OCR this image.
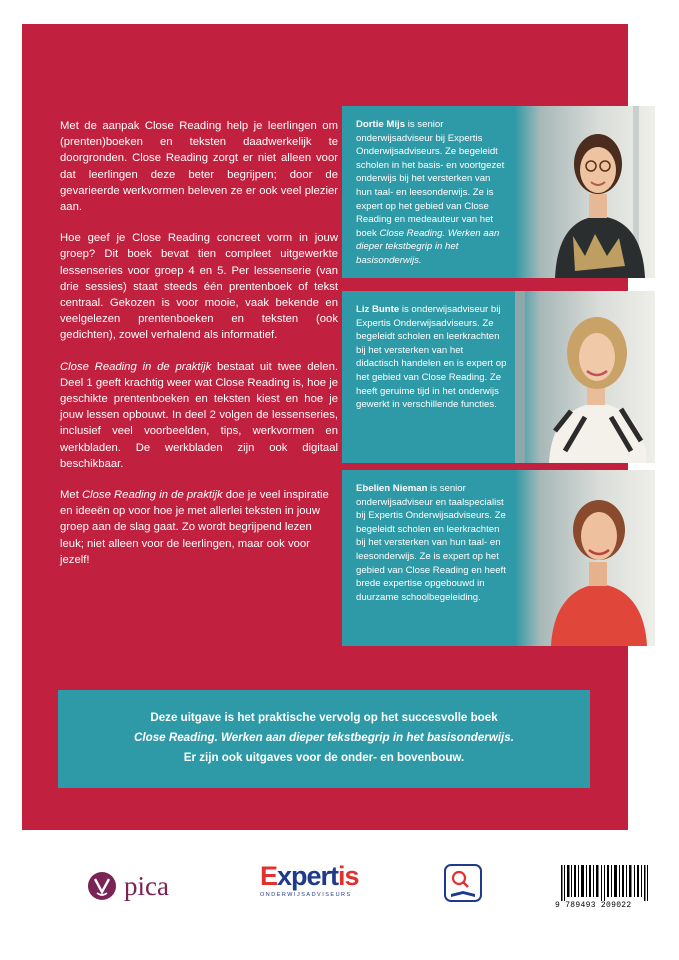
Met de aanpak Close Reading help je leerlingen om (prenten)boeken en teksten daadwerkelijk te doorgronden. Close Reading zorgt er niet alleen voor dat leerlingen deze beter begrijpen; door de gevarieerde werkvormen beleven ze er ook veel plezier aan.

Hoe geef je Close Reading concreet vorm in jouw groep? Dit boek bevat tien compleet uitgewerkte lessenseries voor groep 4 en 5. Per lessenserie (van drie sessies) staat steeds één prentenboek of tekst centraal. Gekozen is voor mooie, vaak bekende en veelgelezen prentenboeken en teksten (ook gedichten), zowel verhalend als informatief.

Close Reading in de praktijk bestaat uit twee delen. Deel 1 geeft krachtig weer wat Close Reading is, hoe je geschikte prentenboeken en teksten kiest en hoe je jouw lessen opbouwt. In deel 2 volgen de lessenseries, inclusief veel voorbeelden, tips, werkvormen en werkbladen. De werkbladen zijn ook digitaal beschikbaar.

Met Close Reading in de praktijk doe je veel inspiratie en ideeën op voor hoe je met allerlei teksten in jouw groep aan de slag gaat. Zo wordt begrijpend lezen leuk; niet alleen voor de leerlingen, maar ook voor jezelf!

Dortie Mijs is senior onderwijsadviseur bij Expertis Onderwijsadviseurs. Ze begeleidt scholen in het basis- en voortgezet onderwijs bij het versterken van hun taal- en leesonderwijs. Ze is expert op het gebied van Close Reading en medeauteur van het boek Close Reading. Werken aan dieper tekstbegrip in het basisonderwijs.
Liz Bunte is onderwijsadviseur bij Expertis Onderwijsadviseurs. Ze begeleidt scholen en leerkrachten bij het versterken van het didactisch handelen en is expert op het gebied van Close Reading. Ze heeft geruime tijd in het onderwijs gewerkt in verschillende functies.
Ebelien Nieman is senior onderwijsadviseur en taalspecialist bij Expertis Onderwijsadviseurs. Ze begeleidt scholen en leerkrachten bij het versterken van hun taal- en leesonderwijs. Ze is expert op het gebied van Close Reading en heeft brede expertise opgebouwd in duurzame schoolbegeleiding.
Deze uitgave is het praktische vervolg op het succesvolle boek
Close Reading. Werken aan dieper tekstbegrip in het basisonderwijs.
Er zijn ook uitgaves voor de onder- en bovenbouw.
pica	Expertis
ONDERWIJSADVISEURS
9 789493 209022
